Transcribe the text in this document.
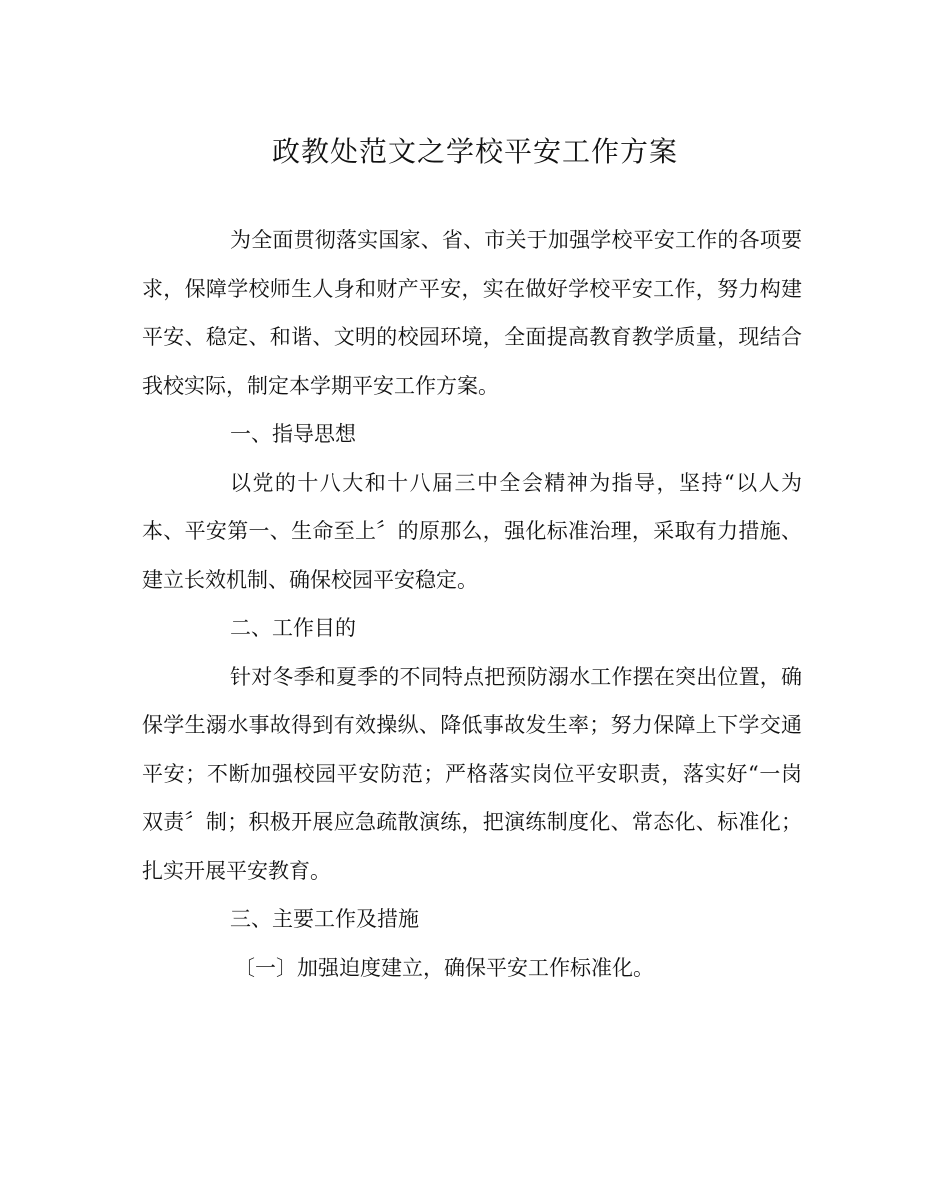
政教处范文之学校平安工作方案

为全面贯彻落实国家、省、市关于加强学校平安工作的各项要求，保障学校师生人身和财产平安，实在做好学校平安工作，努力构建平安、稳定、和谐、文明的校园环境，全面提高教育教学质量，现结合我校实际，制定本学期平安工作方案。

一、指导思想

以党的十八大和十八届三中全会精神为指导，坚持“以人为本、平安第一、生命至上〞的原那么，强化标准治理，采取有力措施、建立长效机制、确保校园平安稳定。

二、工作目的

针对冬季和夏季的不同特点把预防溺水工作摆在突出位置，确保学生溺水事故得到有效操纵、降低事故发生率；努力保障上下学交通平安；不断加强校园平安防范；严格落实岗位平安职责，落实好“一岗双责〞制；积极开展应急疏散演练，把演练制度化、常态化、标准化；扎实开展平安教育。

三、主要工作及措施

〔一〕加强迫度建立，确保平安工作标准化。
